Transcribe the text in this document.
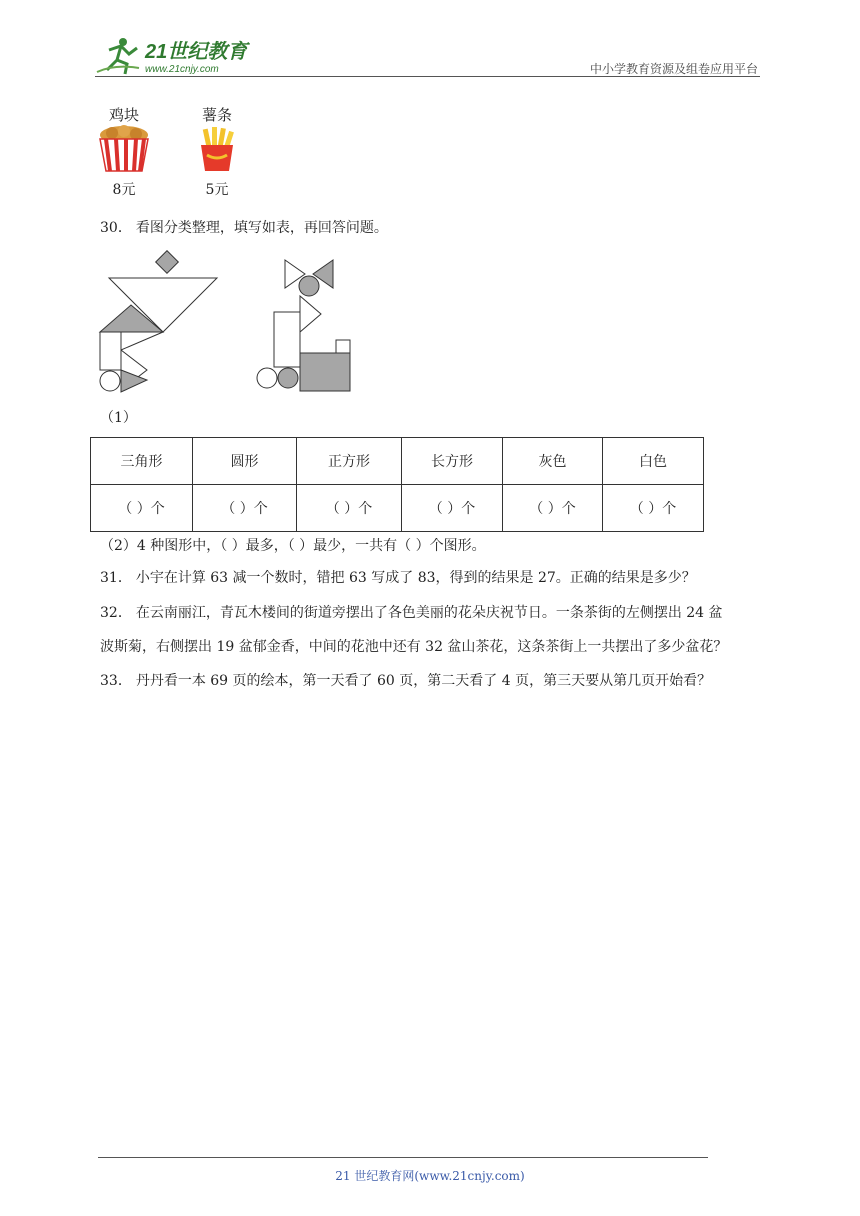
21世纪教育
www.21cnjy.com	中小学教育资源及组卷应用平台
鸡块
8元
薯条
5元
30． 看图分类整理，填写如表，再回答问题。
（1）
三角形	圆形	正方形	长方形	灰色	白色
（ ）个	（ ）个	（ ）个	（ ）个	（ ）个	（ ）个
（2）4 种图形中，（ ）最多，（ ）最少，一共有（ ）个图形。
31． 小宇在计算 63 减一个数时，错把 63 写成了 83，得到的结果是 27。正确的结果是多少？
32． 在云南丽江，青瓦木楼间的街道旁摆出了各色美丽的花朵庆祝节日。一条茶街的左侧摆出 24 盆
波斯菊，右侧摆出 19 盆郁金香，中间的花池中还有 32 盆山茶花，这条茶街上一共摆出了多少盆花？
33． 丹丹看一本 69 页的绘本，第一天看了 60 页，第二天看了 4 页，第三天要从第几页开始看？
21 世纪教育网(www.21cnjy.com)
